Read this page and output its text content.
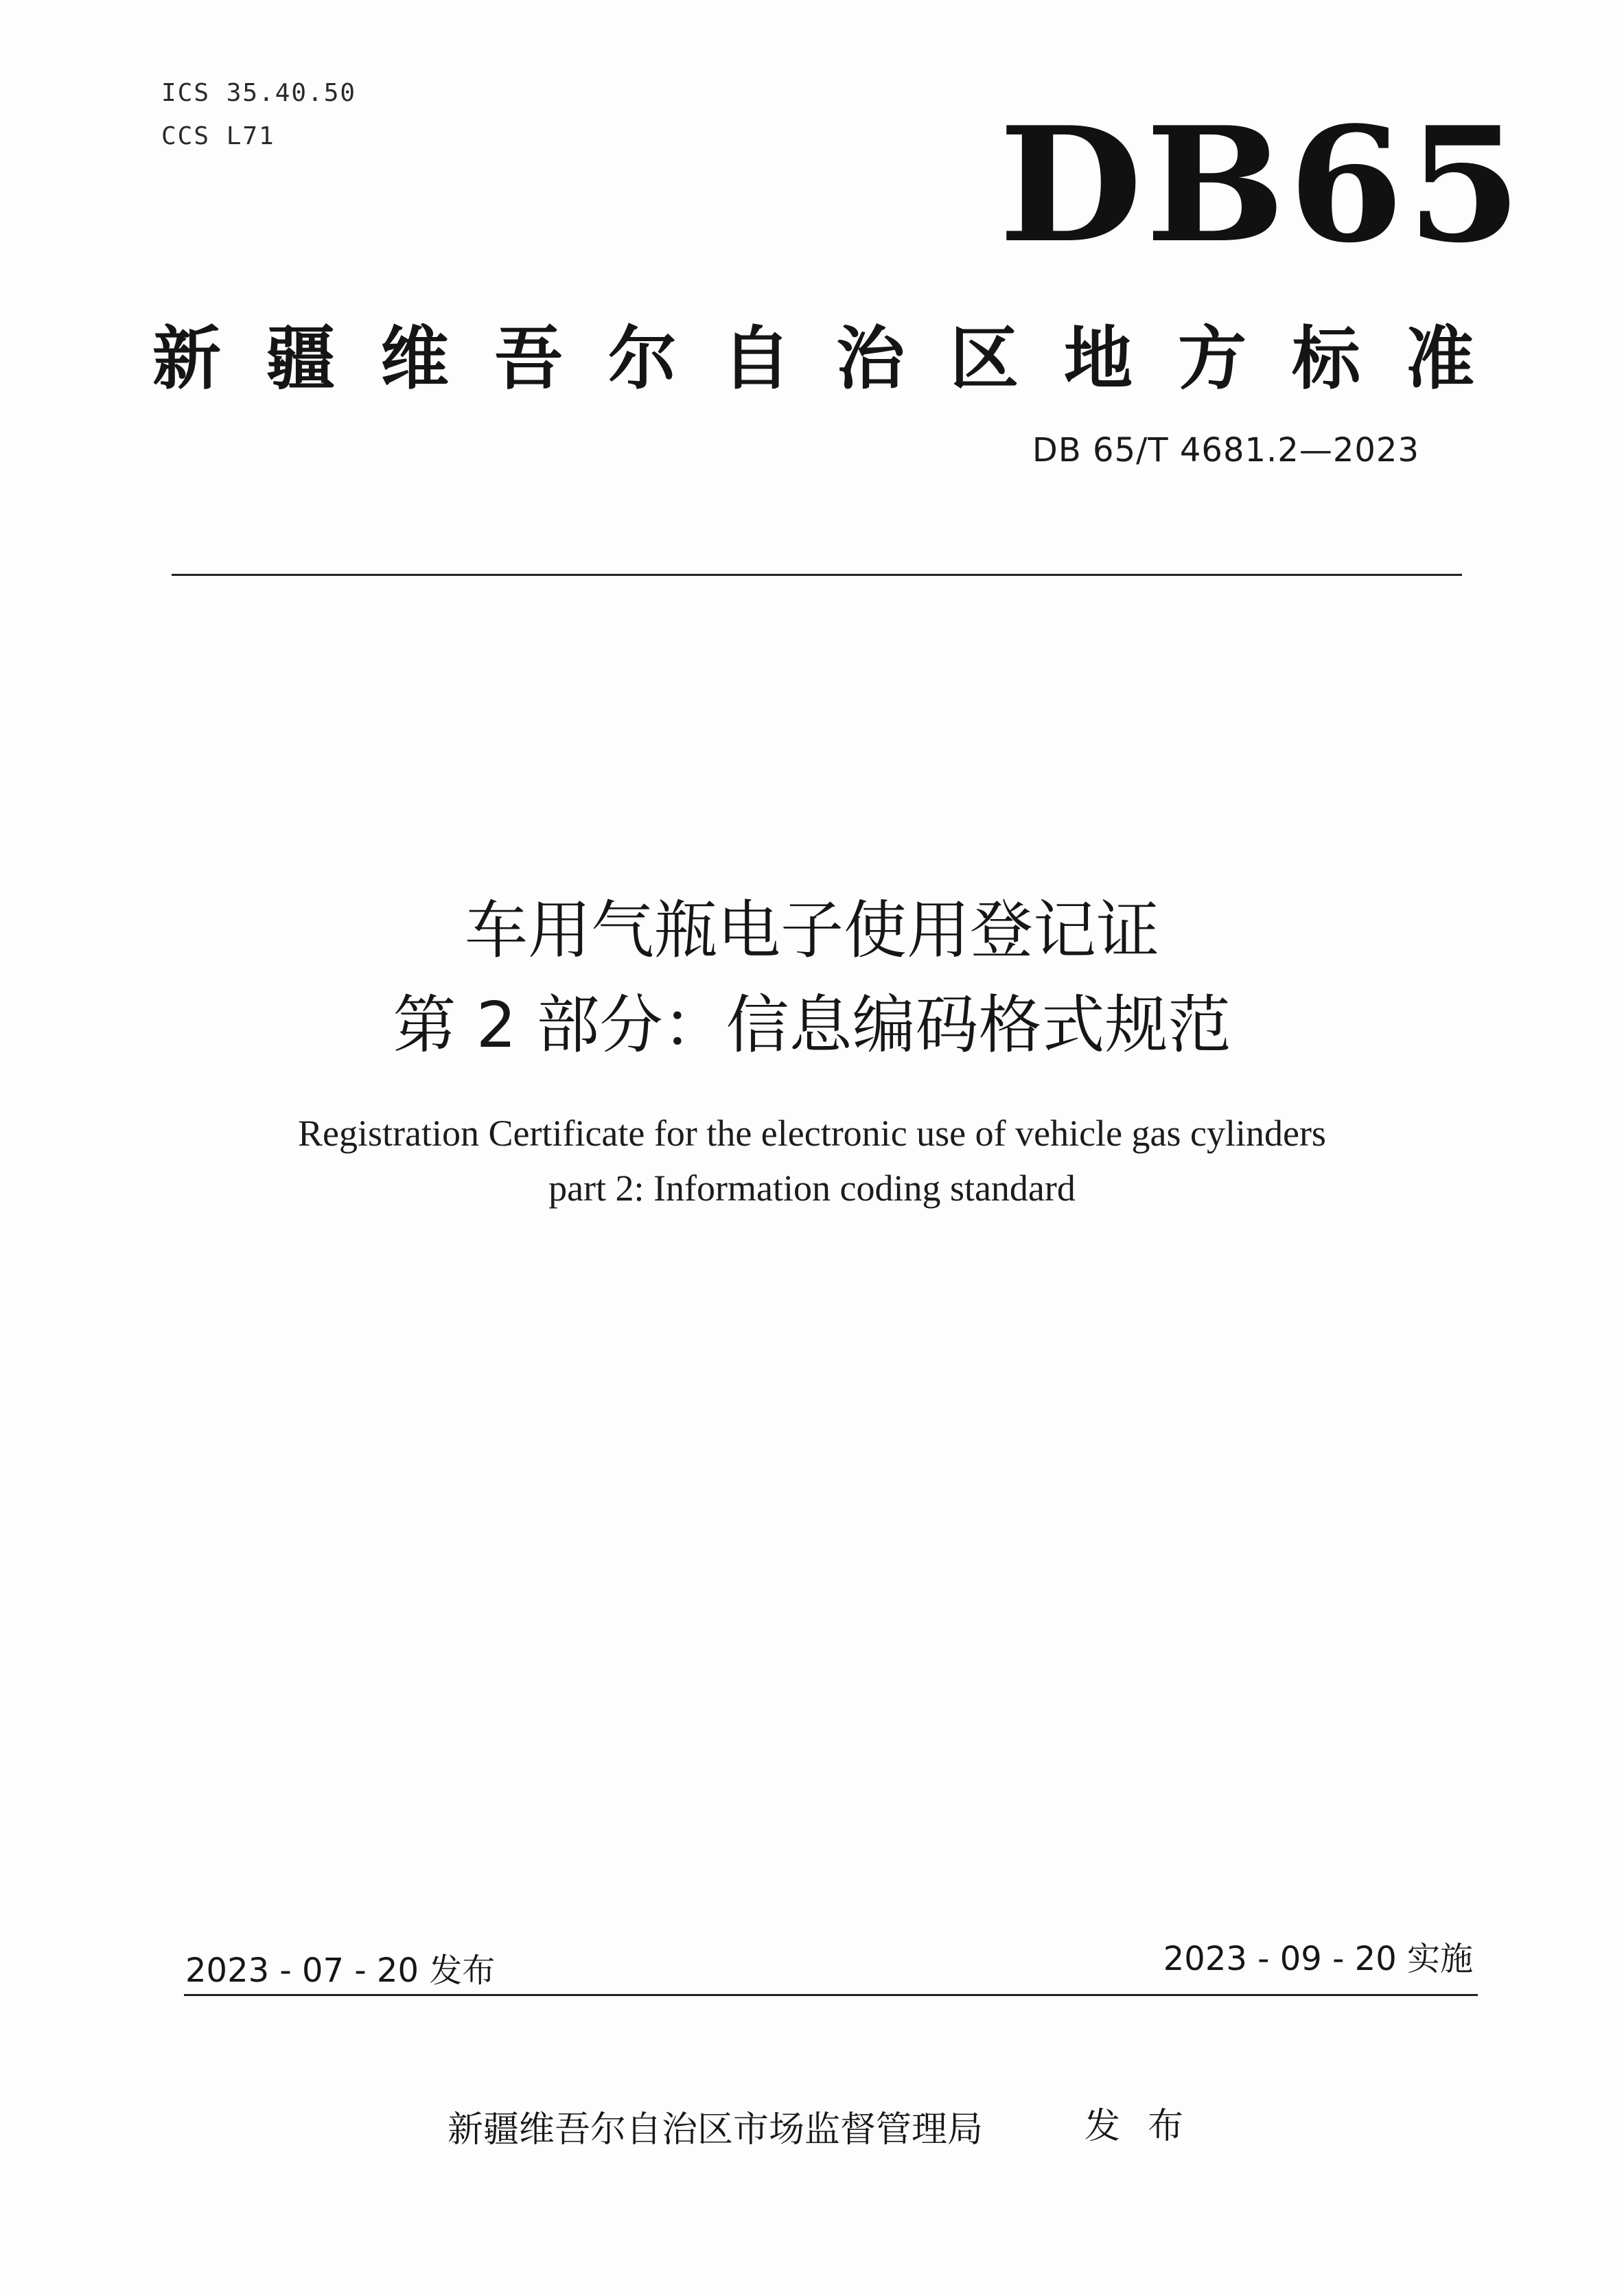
ICS 35.40.50
CCS L71	DB65
新疆维吾尔自治区地方标准
DB 65/T 4681.2—2023
车用气瓶电子使用登记证
第 2 部分：信息编码格式规范
Registration Certificate for the electronic use of vehicle gas cylinders
part 2: Information coding standard
2023 - 07 - 20 发布	2023 - 09 - 20 实施
新疆维吾尔自治区市场监督管理局	发布
